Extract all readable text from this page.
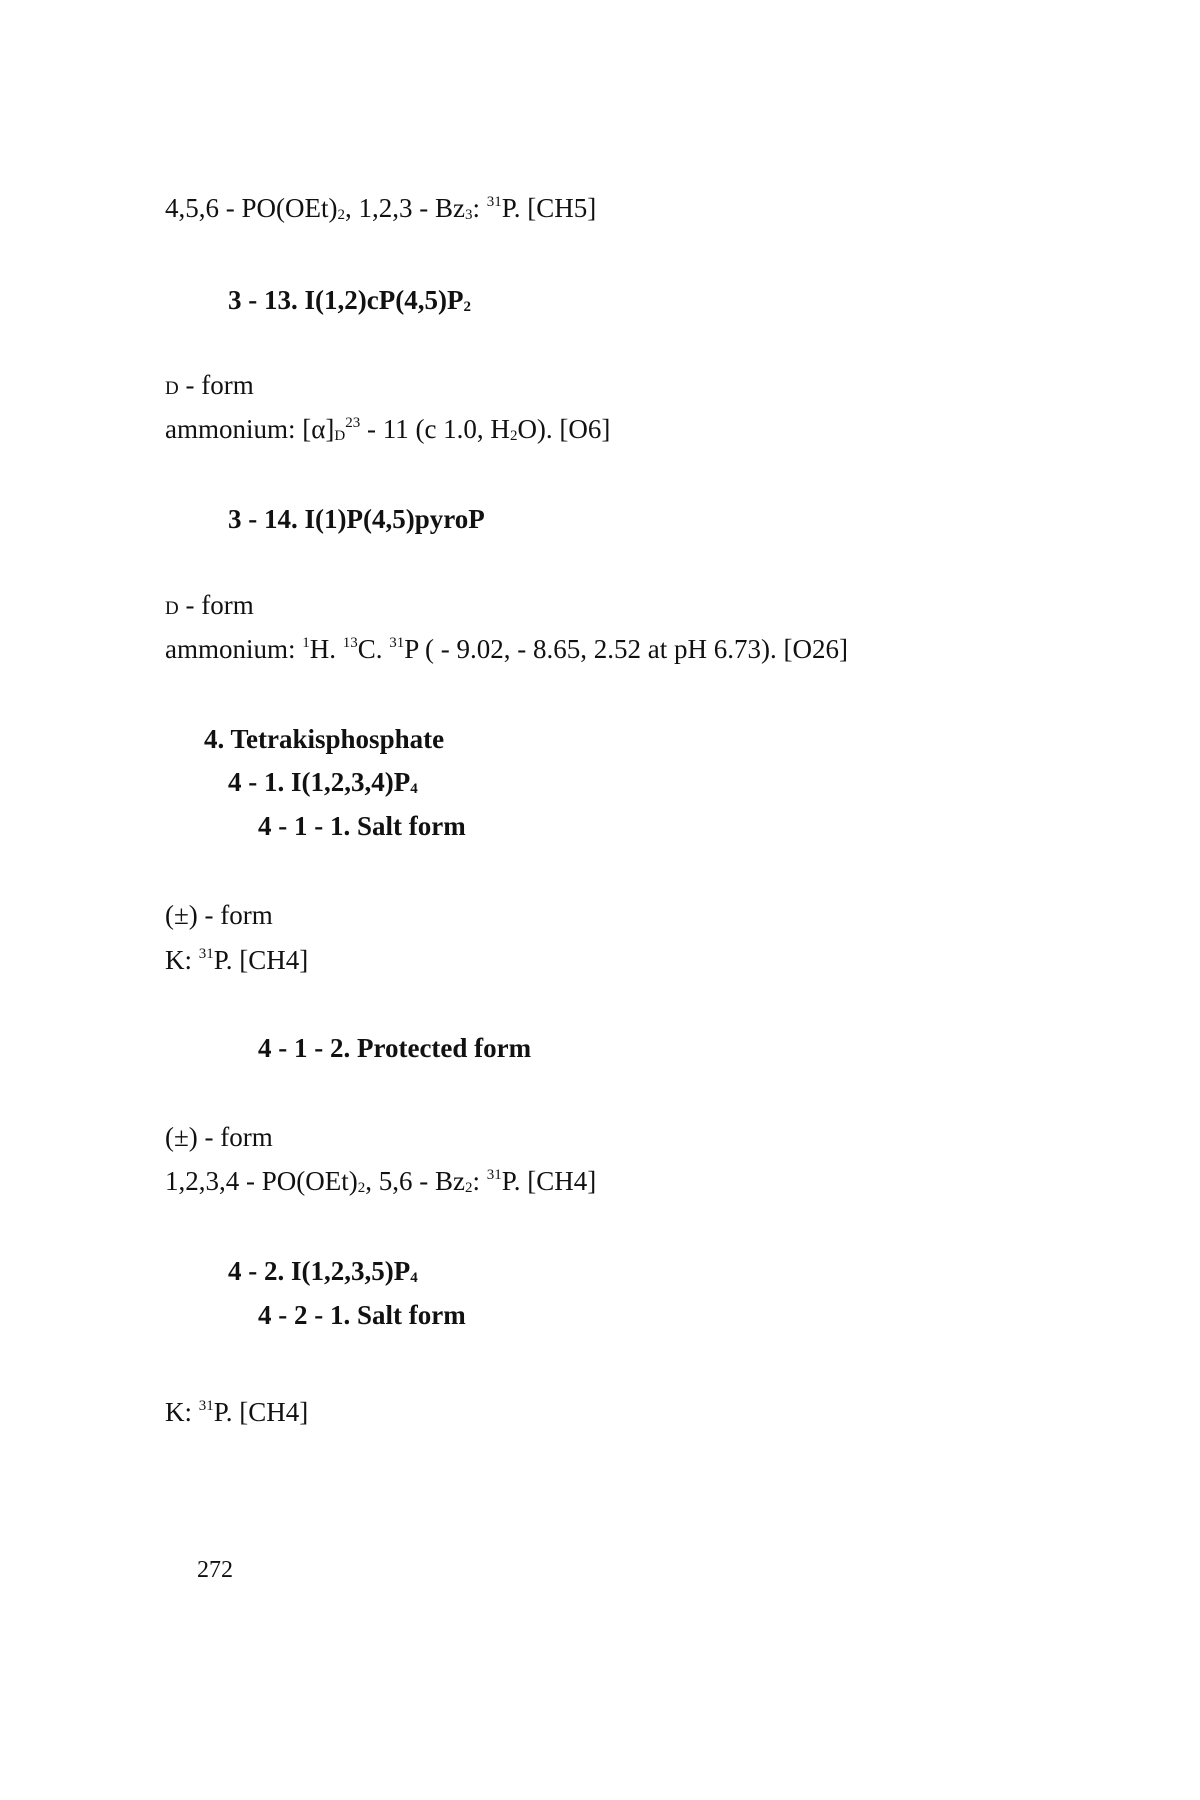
4,5,6 - PO(OEt)2, 1,2,3 - Bz3: $^{31}$P. [CH5]
3 - 13. I(1,2)cP(4,5)P2
d - form
ammonium: $[\alpha]D^{23} - 11$ (c 1.0, H2O). [O6]
3 - 14. I(1)P(4,5)pyroP
d - form
ammonium: $^1$H. $^{13}$C. $^{31}$P ( - 9.02, - 8.65, 2.52 at pH 6.73). [O26]
4. Tetrakisphosphate
4 - 1. I(1,2,3,4)P4
4 - 1 - 1. Salt form
(±) - form
K: $^{31}$P. [CH4]
4 - 1 - 2. Protected form
(±) - form
1,2,3,4 - PO(OEt)2, 5,6 - Bz2: $^{31}$P. [CH4]
4 - 2. I(1,2,3,5)P4
4 - 2 - 1. Salt form
K: $^{31}$P. [CH4]
272
